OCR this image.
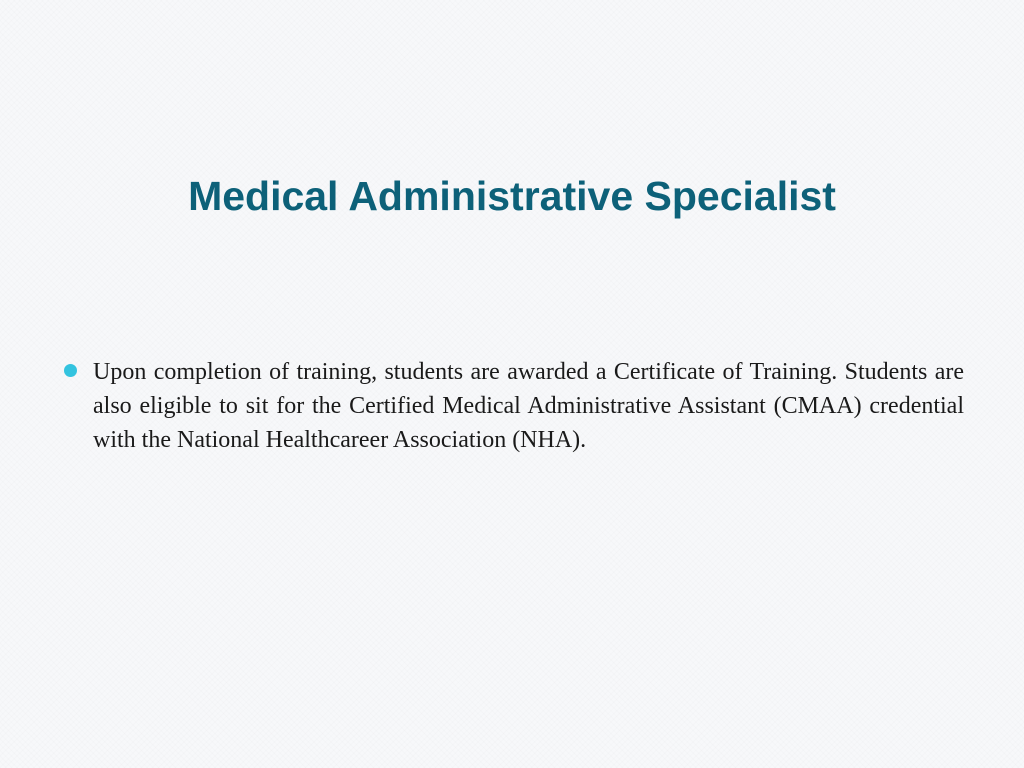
Medical Administrative Specialist

Upon completion of training, students are awarded a Certificate of Training. Students are also eligible to sit for the Certified Medical Administrative Assistant (CMAA) credential with the National Healthcareer Association (NHA).
